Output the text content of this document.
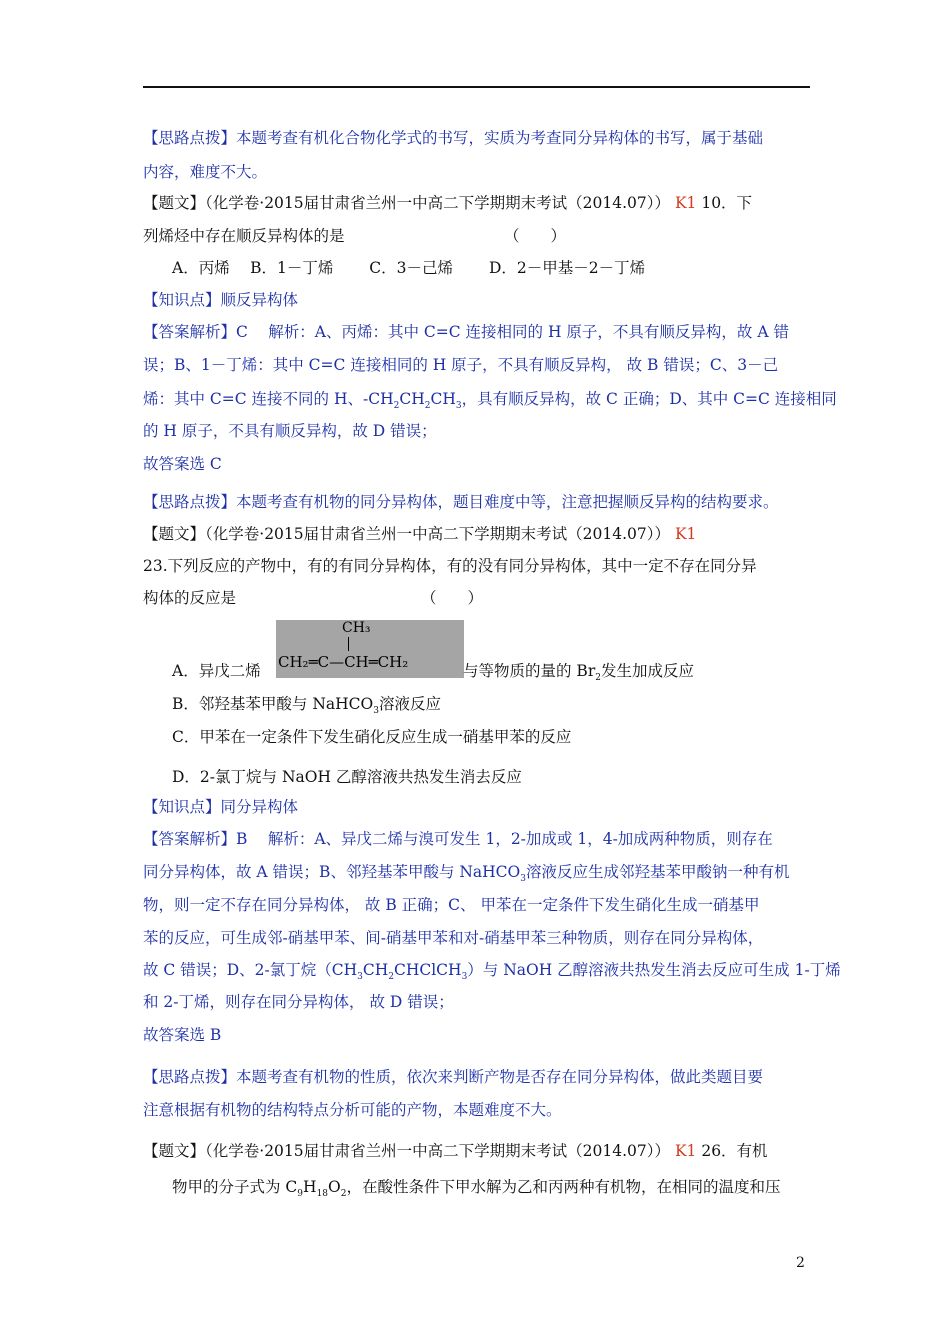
【思路点拨】本题考查有机化合物化学式的书写，实质为考查同分异构体的书写，属于基础
内容，难度不大。
【题文】（化学卷·2015届甘肃省兰州一中高二下学期期末考试（2014.07）） K1 10．下
列烯烃中存在顺反异构体的是	（　　）
A．丙烯　 B．1－丁烯　　 C．3－己烯　　 D．2－甲基－2－丁烯
【知识点】顺反异构体
【答案解析】C　 解析：A、丙烯：其中 C=C 连接相同的 H 原子，不具有顺反异构，故 A 错
误；B、1－丁烯：其中 C=C 连接相同的 H 原子，不具有顺反异构， 故 B 错误；C、3－己
烯：其中 C=C 连接不同的 H、$-CH_2CH_2CH_3$，具有顺反异构，故 C 正确；D、其中 C=C 连接相同
的 H 原子，不具有顺反异构，故 D 错误；
故答案选 C
【思路点拨】本题考查有机物的同分异构体，题目难度中等，注意把握顺反异构的结构要求。
【题文】（化学卷·2015届甘肃省兰州一中高二下学期期末考试（2014.07）） K1
23.下列反应的产物中，有的有同分异构体，有的没有同分异构体，其中一定不存在同分异
构体的反应是	（　　）
CH₃
CH₂═C—CH═CH₂
A．异戊二烯	与等物质的量的 $Br_2$发生加成反应
B．邻羟基苯甲酸与 NaHCO$_3$溶液反应
C．甲苯在一定条件下发生硝化反应生成一硝基甲苯的反应
D．2-氯丁烷与 NaOH 乙醇溶液共热发生消去反应
【知识点】同分异构体
【答案解析】B　 解析：A、异戊二烯与溴可发生 1，2-加成或 1，4-加成两种物质，则存在
同分异构体，故 A 错误；B、邻羟基苯甲酸与 NaHCO$_3$溶液反应生成邻羟基苯甲酸钠一种有机
物，则一定不存在同分异构体， 故 B 正确；C、 甲苯在一定条件下发生硝化生成一硝基甲
苯的反应，可生成邻-硝基甲苯、间-硝基甲苯和对-硝基甲苯三种物质，则存在同分异构体，
故 C 错误；D、2-氯丁烷$(CH_3CH_2CHClCH_3)$与 NaOH 乙醇溶液共热发生消去反应可生成 1-丁烯
和 2-丁烯，则存在同分异构体， 故 D 错误；
故答案选 B
【思路点拨】本题考查有机物的性质，依次来判断产物是否存在同分异构体，做此类题目要
注意根据有机物的结构特点分析可能的产物，本题难度不大。
【题文】（化学卷·2015届甘肃省兰州一中高二下学期期末考试（2014.07）） K1 26．有机
物甲的分子式为 $C_9H_{18}O_2$，在酸性条件下甲水解为乙和丙两种有机物，在相同的温度和压
2
